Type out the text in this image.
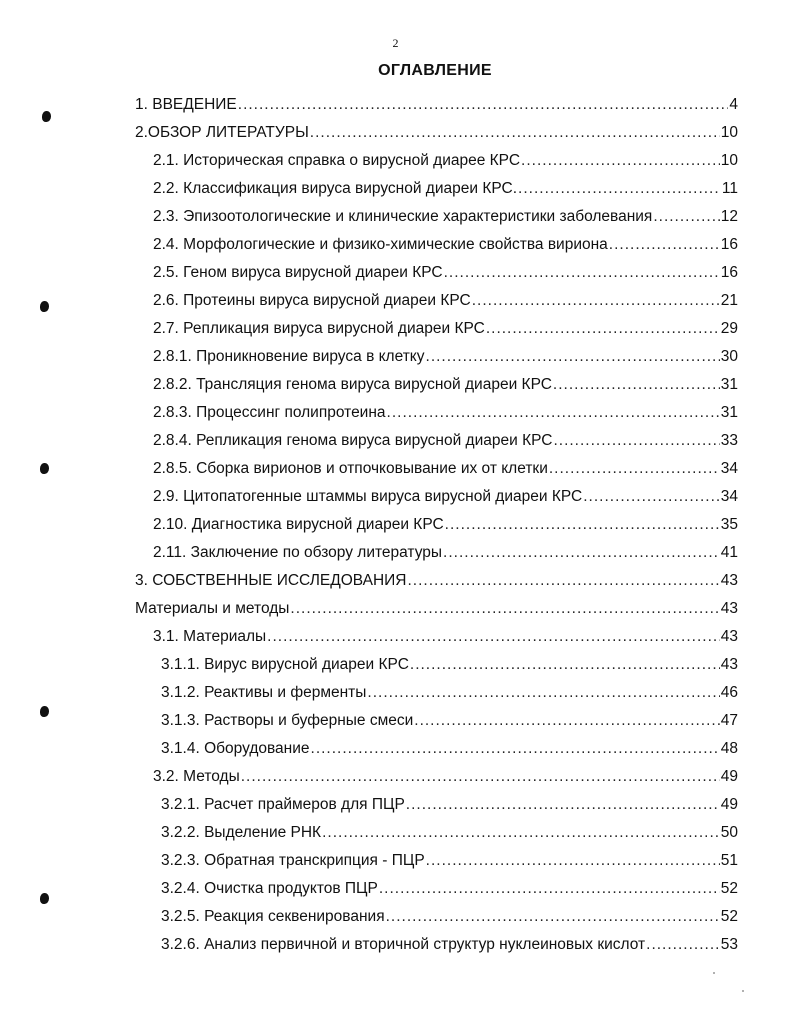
2
ОГЛАВЛЕНИЕ
1. ВВЕДЕНИЕ .....	4
2.ОБЗОР ЛИТЕРАТУРЫ .....	10
2.1. Историческая справка о вирусной диарее КРС .....	10
2.2. Классификация вируса вирусной диареи КРС. .....	11
2.3. Эпизоотологические и клинические характеристики заболевания .....	12
2.4. Морфологические и физико-химические свойства вириона .....	16
2.5. Геном вируса вирусной диареи КРС .....	16
2.6. Протеины вируса вирусной диареи КРС .....	21
2.7. Репликация вируса вирусной диареи КРС .....	29
2.8.1. Проникновение вируса в клетку .....	30
2.8.2. Трансляция генома вируса вирусной диареи КРС .....	31
2.8.3. Процессинг полипротеина .....	31
2.8.4. Репликация генома вируса вирусной диареи КРС .....	33
2.8.5. Сборка вирионов и отпочковывание их от клетки .....	34
2.9. Цитопатогенные штаммы вируса вирусной диареи КРС .....	34
2.10. Диагностика вирусной диареи КРС .....	35
2.11. Заключение по обзору литературы .....	41
3. СОБСТВЕННЫЕ ИССЛЕДОВАНИЯ .....	43
Материалы и методы .....	43
3.1. Материалы .....	43
3.1.1. Вирус вирусной диареи КРС .....	43
3.1.2. Реактивы и ферменты .....	46
3.1.3. Растворы и буферные смеси .....	47
3.1.4. Оборудование .....	48
3.2. Методы .....	49
3.2.1. Расчет праймеров для ПЦР .....	49
3.2.2. Выделение РНК .....	50
3.2.3. Обратная транскрипция - ПЦР .....	51
3.2.4. Очистка продуктов ПЦР .....	52
3.2.5. Реакция секвенирования .....	52
3.2.6. Анализ первичной и вторичной структур нуклеиновых кислот .....	53
